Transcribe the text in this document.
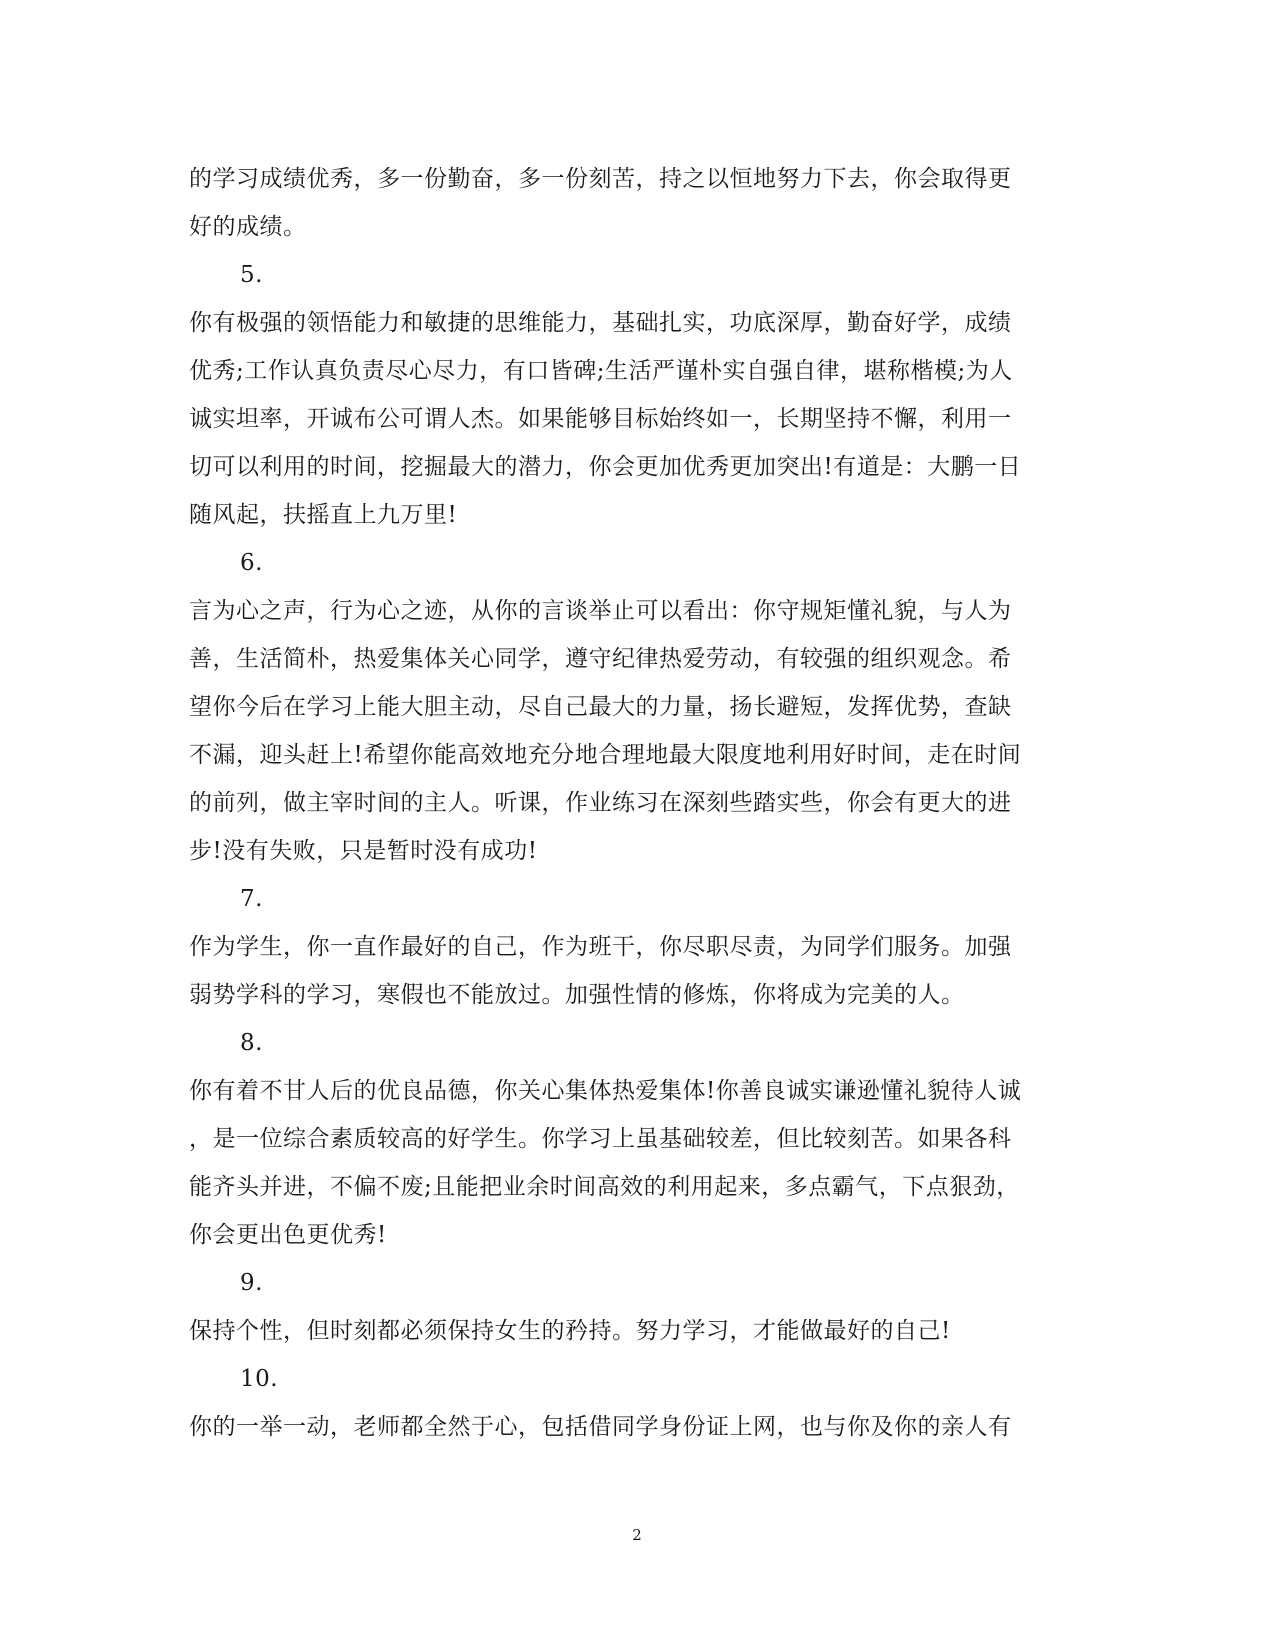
的学习成绩优秀，多一份勤奋，多一份刻苦，持之以恒地努力下去，你会取得更
好的成绩。
5.
你有极强的领悟能力和敏捷的思维能力，基础扎实，功底深厚，勤奋好学，成绩
优秀;工作认真负责尽心尽力，有口皆碑;生活严谨朴实自强自律，堪称楷模;为人
诚实坦率，开诚布公可谓人杰。如果能够目标始终如一，长期坚持不懈，利用一
切可以利用的时间，挖掘最大的潜力，你会更加优秀更加突出!有道是：大鹏一日
随风起，扶摇直上九万里!
6.
言为心之声，行为心之迹，从你的言谈举止可以看出：你守规矩懂礼貌，与人为
善，生活简朴，热爱集体关心同学，遵守纪律热爱劳动，有较强的组织观念。希
望你今后在学习上能大胆主动，尽自己最大的力量，扬长避短，发挥优势，查缺
不漏，迎头赶上!希望你能高效地充分地合理地最大限度地利用好时间，走在时间
的前列，做主宰时间的主人。听课，作业练习在深刻些踏实些，你会有更大的进
步!没有失败，只是暂时没有成功!
7.
作为学生，你一直作最好的自己，作为班干，你尽职尽责，为同学们服务。加强
弱势学科的学习，寒假也不能放过。加强性情的修炼，你将成为完美的人。
8.
你有着不甘人后的优良品德，你关心集体热爱集体!你善良诚实谦逊懂礼貌待人诚
，是一位综合素质较高的好学生。你学习上虽基础较差，但比较刻苦。如果各科
能齐头并进，不偏不废;且能把业余时间高效的利用起来，多点霸气，下点狠劲，
你会更出色更优秀!
9.
保持个性，但时刻都必须保持女生的矜持。努力学习，才能做最好的自己!
10.
你的一举一动，老师都全然于心，包括借同学身份证上网，也与你及你的亲人有
2
